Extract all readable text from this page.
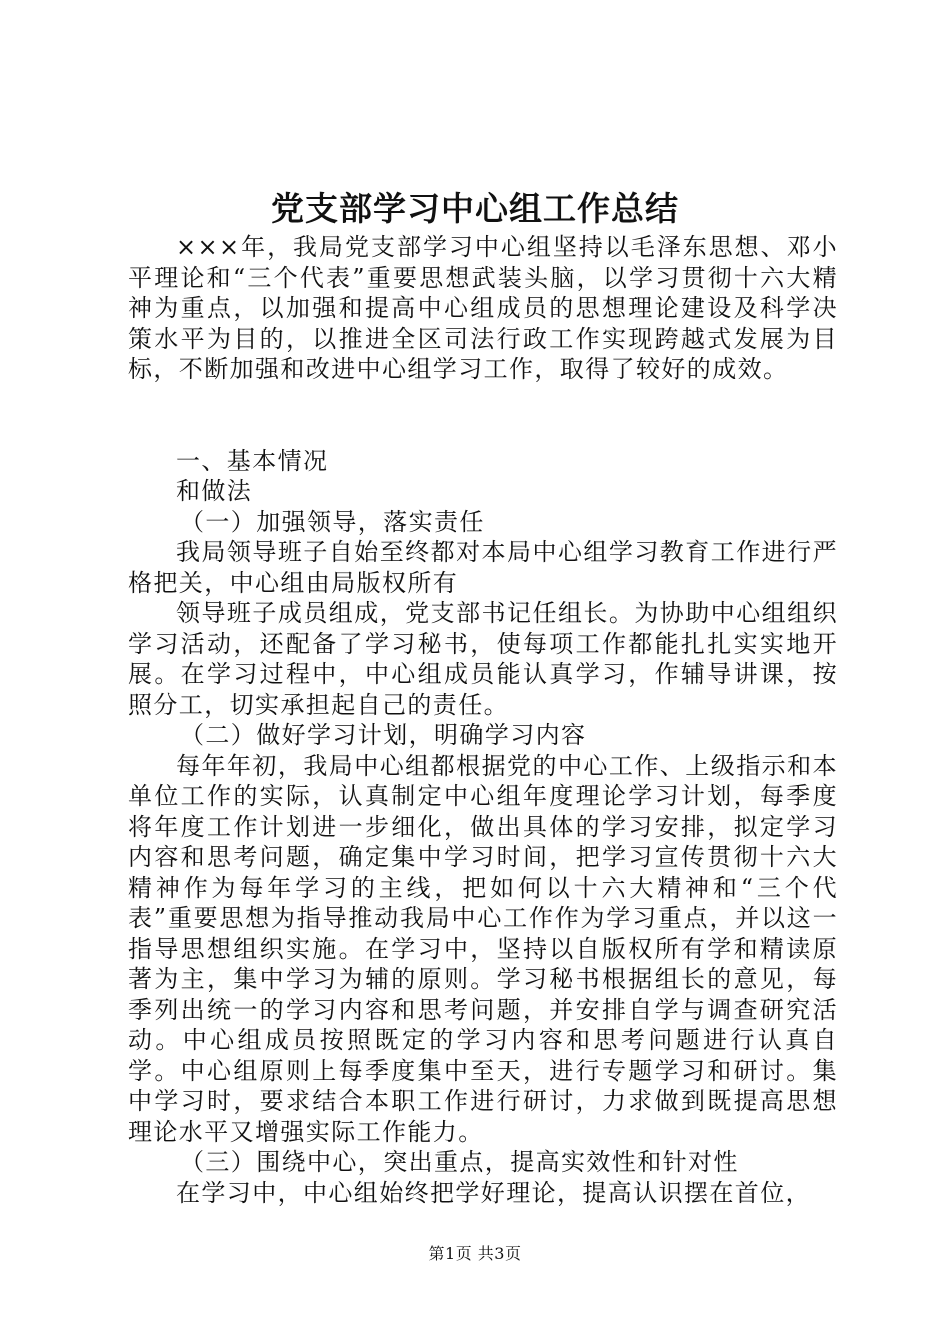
党支部学习中心组工作总结

×××年，我局党支部学习中心组坚持以毛泽东思想、邓小平理论和“三个代表”重要思想武装头脑，以学习贯彻十六大精神为重点，以加强和提高中心组成员的思想理论建设及科学决策水平为目的，以推进全区司法行政工作实现跨越式发展为目标，不断加强和改进中心组学习工作，取得了较好的成效。

一、基本情况

和做法

（一）加强领导，落实责任

我局领导班子自始至终都对本局中心组学习教育工作进行严格把关，中心组由局版权所有

领导班子成员组成，党支部书记任组长。为协助中心组组织学习活动，还配备了学习秘书，使每项工作都能扎扎实实地开展。在学习过程中，中心组成员能认真学习，作辅导讲课，按照分工，切实承担起自己的责任。

（二）做好学习计划，明确学习内容

每年年初，我局中心组都根据党的中心工作、上级指示和本单位工作的实际，认真制定中心组年度理论学习计划，每季度将年度工作计划进一步细化，做出具体的学习安排，拟定学习内容和思考问题，确定集中学习时间，把学习宣传贯彻十六大精神作为每年学习的主线，把如何以十六大精神和“三个代表”重要思想为指导推动我局中心工作作为学习重点，并以这一指导思想组织实施。在学习中，坚持以自版权所有学和精读原著为主，集中学习为辅的原则。学习秘书根据组长的意见，每季列出统一的学习内容和思考问题，并安排自学与调查研究活动。中心组成员按照既定的学习内容和思考问题进行认真自学。中心组原则上每季度集中至天，进行专题学习和研讨。集中学习时，要求结合本职工作进行研讨，力求做到既提高思想理论水平又增强实际工作能力。

（三）围绕中心，突出重点，提高实效性和针对性

在学习中，中心组始终把学好理论，提高认识摆在首位，

第1页 共3页
